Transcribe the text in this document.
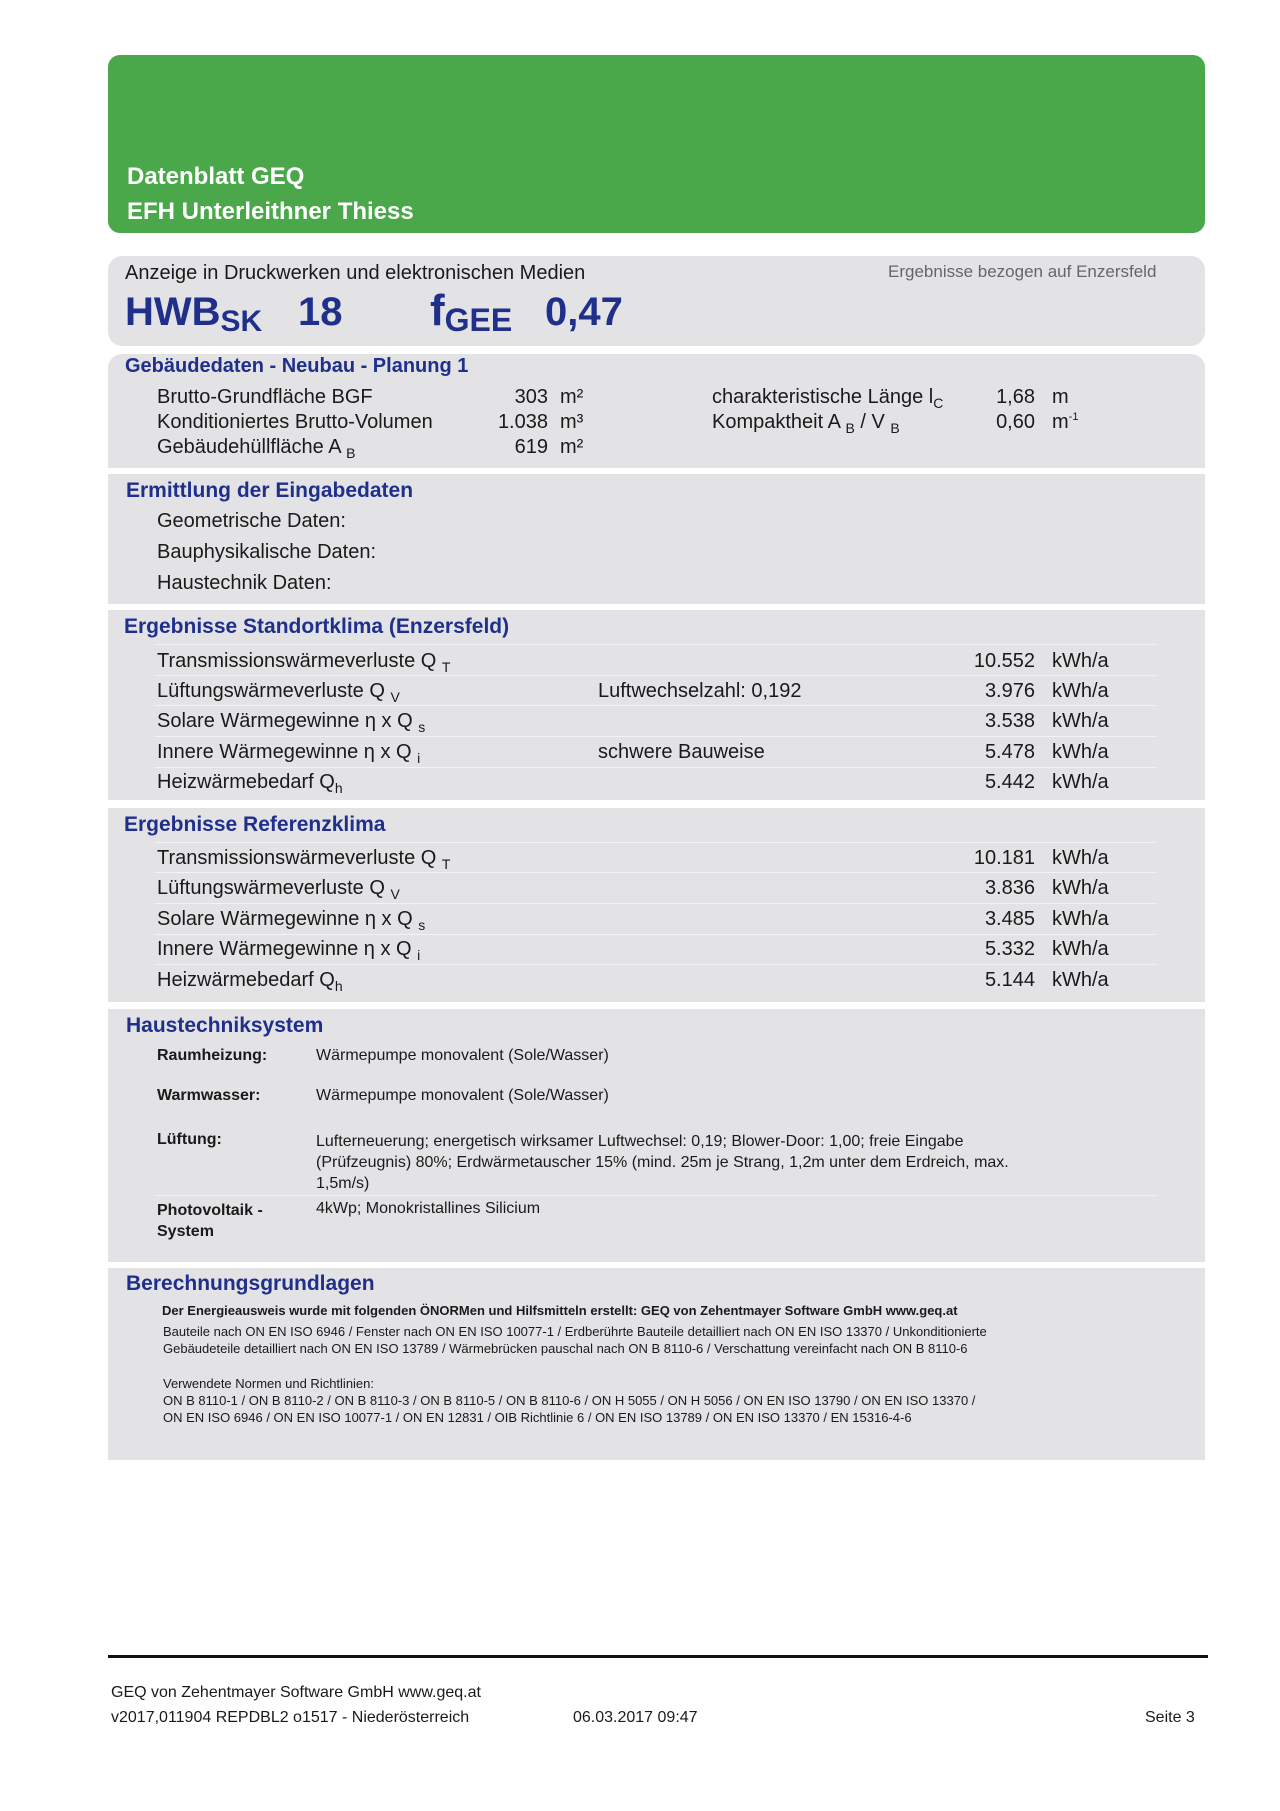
Datenblatt GEQ
EFH Unterleithner Thiess
Anzeige in Druckwerken und elektronischen Medien	Ergebnisse bezogen auf Enzersfeld
HWBSK 18 fGEE 0,47
Gebäudedaten - Neubau - Planung 1
Brutto-Grundfläche BGF	303 m²
Konditioniertes Brutto-Volumen	1.038 m³
Gebäudehüllfläche A $_B$	619 m²
charakteristische Länge $l_C$	1,68 m
Kompaktheit A $_B$ / V $_B$	0,60 $m^{-1}$
Ermittlung der Eingabedaten
Geometrische Daten:
Bauphysikalische Daten:
Haustechnik Daten:
Ergebnisse Standortklima (Enzersfeld)
Transmissionswärmeverluste Q $_T$	10.552 kWh/a
Lüftungswärmeverluste Q $_V$	Luftwechselzahl: 0,192	3.976 kWh/a
Solare Wärmegewinne η x Q $_s$	3.538 kWh/a
Innere Wärmegewinne η x Q $_i$	schwere Bauweise	5.478 kWh/a
Heizwärmebedarf $Q_h$	5.442 kWh/a
Ergebnisse Referenzklima
Transmissionswärmeverluste Q $_T$	10.181 kWh/a
Lüftungswärmeverluste Q $_V$	3.836 kWh/a
Solare Wärmegewinne η x Q $_s$	3.485 kWh/a
Innere Wärmegewinne η x Q $_i$	5.332 kWh/a
Heizwärmebedarf $Q_h$	5.144 kWh/a
Haustechniksystem
Raumheizung:	Wärmepumpe monovalent (Sole/Wasser)
Warmwasser:	Wärmepumpe monovalent (Sole/Wasser)
Lüftung:	Lufterneuerung; energetisch wirksamer Luftwechsel: 0,19; Blower-Door: 1,00; freie Eingabe
(Prüfzeugnis) 80%; Erdwärmetauscher 15% (mind. 25m je Strang, 1,2m unter dem Erdreich, max.
1,5m/s)
Photovoltaik -
System
4kWp; Monokristallines Silicium
Berechnungsgrundlagen
Der Energieausweis wurde mit folgenden ÖNORMen und Hilfsmitteln erstellt: GEQ von Zehentmayer Software GmbH www.geq.at
Bauteile nach ON EN ISO 6946 / Fenster nach ON EN ISO 10077-1 / Erdberührte Bauteile detailliert nach ON EN ISO 13370 / Unkonditionierte
Gebäudeteile detailliert nach ON EN ISO 13789 / Wärmebrücken pauschal nach ON B 8110-6 / Verschattung vereinfacht nach ON B 8110-6
Verwendete Normen und Richtlinien:
ON B 8110-1 / ON B 8110-2 / ON B 8110-3 / ON B 8110-5 / ON B 8110-6 / ON H 5055 / ON H 5056 / ON EN ISO 13790 / ON EN ISO 13370 /
ON EN ISO 6946 / ON EN ISO 10077-1 / ON EN 12831 / OIB Richtlinie 6 / ON EN ISO 13789 / ON EN ISO 13370 / EN 15316-4-6
GEQ von Zehentmayer Software GmbH www.geq.at
v2017,011904 REPDBL2 o1517 - Niederösterreich	06.03.2017 09:47	Seite 3
